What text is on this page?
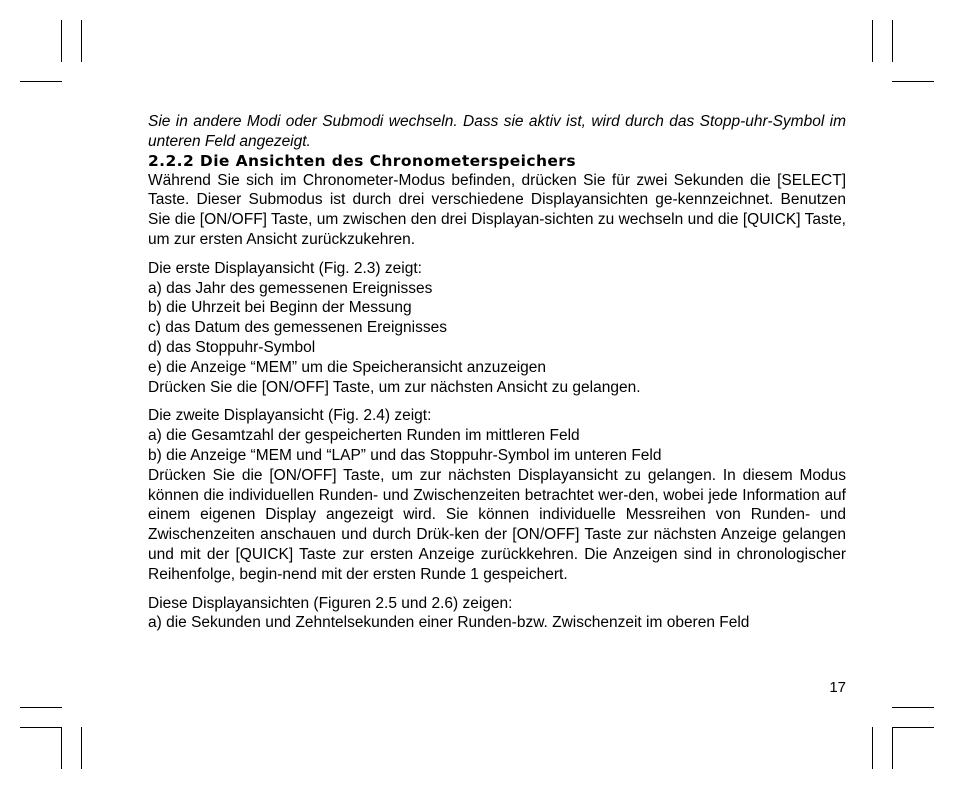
Sie in andere Modi oder Submodi wechseln. Dass sie aktiv ist, wird durch das Stopp-uhr-Symbol im unteren Feld angezeigt.

2.2.2 Die Ansichten des Chronometerspeichers

Während Sie sich im Chronometer-Modus befinden, drücken Sie für zwei Sekunden die [SELECT] Taste. Dieser Submodus ist durch drei verschiedene Displayansichten ge-kennzeichnet. Benutzen Sie die [ON/OFF] Taste, um zwischen den drei Displayan-sichten zu wechseln und die [QUICK] Taste, um zur ersten Ansicht zurückzukehren.

Die erste Displayansicht (Fig. 2.3) zeigt:

a) das Jahr des gemessenen Ereignisses

b) die Uhrzeit bei Beginn der Messung

c) das Datum des gemessenen Ereignisses

d) das Stoppuhr-Symbol

e) die Anzeige “MEM” um die Speicheransicht anzuzeigen

Drücken Sie die [ON/OFF] Taste, um zur nächsten Ansicht zu gelangen.

Die zweite Displayansicht (Fig. 2.4) zeigt:

a) die Gesamtzahl der gespeicherten Runden im mittleren Feld

b) die Anzeige “MEM und “LAP” und das Stoppuhr-Symbol im unteren Feld

Drücken Sie die [ON/OFF] Taste, um zur nächsten Displayansicht zu gelangen. In diesem Modus können die individuellen Runden- und Zwischenzeiten betrachtet wer-den, wobei jede Information auf einem eigenen Display angezeigt wird. Sie können individuelle Messreihen von Runden- und Zwischenzeiten anschauen und durch Drük-ken der [ON/OFF] Taste zur nächsten Anzeige gelangen und mit der [QUICK] Taste zur ersten Anzeige zurückkehren. Die Anzeigen sind in chronologischer Reihenfolge, begin-nend mit der ersten Runde 1 gespeichert.

Diese Displayansichten (Figuren 2.5 und 2.6) zeigen:

a) die Sekunden und Zehntelsekunden einer Runden-bzw. Zwischenzeit im oberen Feld

17
